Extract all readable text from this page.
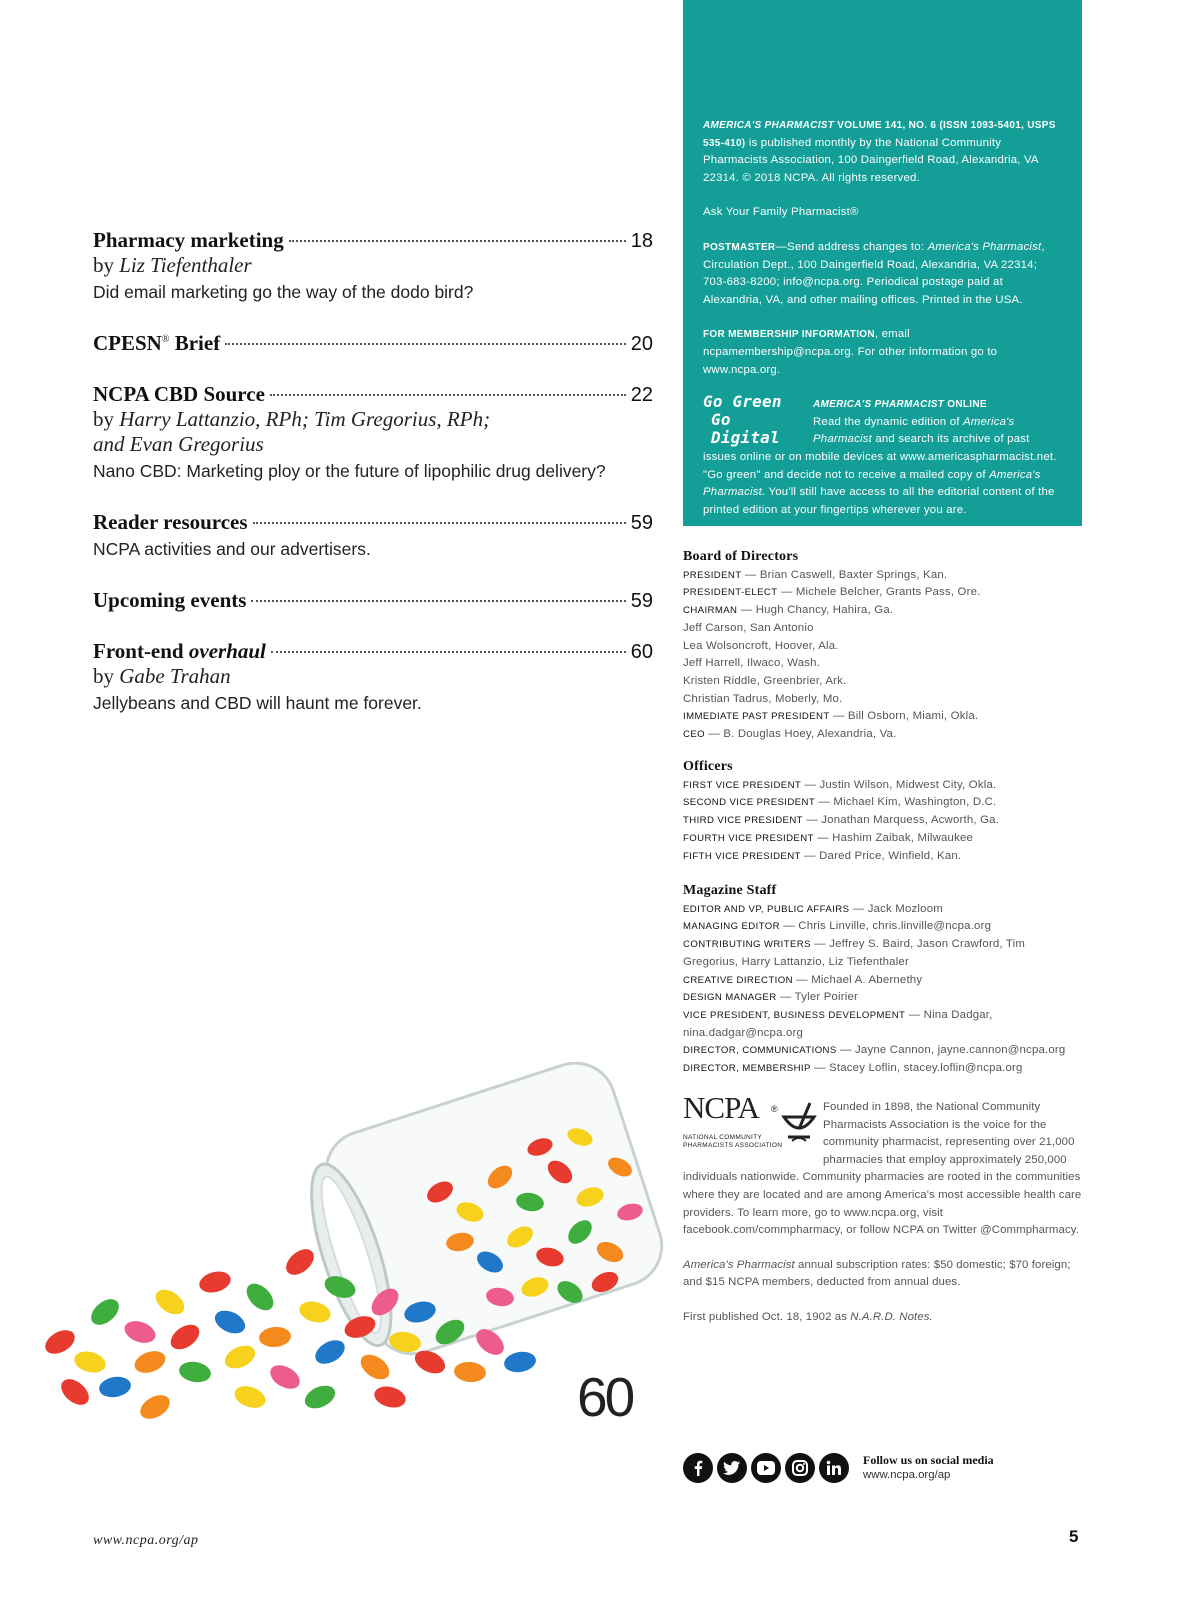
Pharmacy marketing	18
by Liz Tiefenthaler
Did email marketing go the way of the dodo bird?
CPESN® Brief	20
NCPA CBD Source	22
by Harry Lattanzio, RPh; Tim Gregorius, RPh;
and Evan Gregorius
Nano CBD: Marketing ploy or the future of lipophilic drug delivery?
Reader resources	59
NCPA activities and our advertisers.
Upcoming events	59
Front-end overhaul	60
by Gabe Trahan
Jellybeans and CBD will haunt me forever.
60

AMERICA'S PHARMACIST VOLUME 141, NO. 6 (ISSN 1093-5401, USPS 535-410) is published monthly by the National Community Pharmacists Association, 100 Daingerfield Road, Alexandria, VA 22314. © 2018 NCPA. All rights reserved.

Ask Your Family Pharmacist®

POSTMASTER—Send address changes to: America's Pharmacist, Circulation Dept., 100 Daingerfield Road, Alexandria, VA 22314; 703-683-8200; info@ncpa.org. Periodical postage paid at Alexandria, VA, and other mailing offices. Printed in the USA.

FOR MEMBERSHIP INFORMATION, email ncpamembership@ncpa.org. For other information go to www.ncpa.org.

Go Green
Go Digital
AMERICA'S PHARMACIST ONLINE
Read the dynamic edition of America's Pharmacist and search its archive of past issues online or on mobile devices at www.americaspharmacist.net. "Go green" and decide not to receive a mailed copy of America's Pharmacist. You'll still have access to all the editorial content of the printed edition at your fingertips wherever you are.
Board of Directors
PRESIDENT — Brian Caswell, Baxter Springs, Kan.
PRESIDENT-ELECT — Michele Belcher, Grants Pass, Ore.
CHAIRMAN — Hugh Chancy, Hahira, Ga.
Jeff Carson, San Antonio
Lea Wolsoncroft, Hoover, Ala.
Jeff Harrell, Ilwaco, Wash.
Kristen Riddle, Greenbrier, Ark.
Christian Tadrus, Moberly, Mo.
IMMEDIATE PAST PRESIDENT — Bill Osborn, Miami, Okla.
CEO — B. Douglas Hoey, Alexandria, Va.
Officers
FIRST VICE PRESIDENT — Justin Wilson, Midwest City, Okla.
SECOND VICE PRESIDENT — Michael Kim, Washington, D.C.
THIRD VICE PRESIDENT — Jonathan Marquess, Acworth, Ga.
FOURTH VICE PRESIDENT — Hashim Zaibak, Milwaukee
FIFTH VICE PRESIDENT — Dared Price, Winfield, Kan.
Magazine Staff
EDITOR AND VP, PUBLIC AFFAIRS — Jack Mozloom
MANAGING EDITOR — Chris Linville, chris.linville@ncpa.org
CONTRIBUTING WRITERS — Jeffrey S. Baird, Jason Crawford, Tim Gregorius, Harry Lattanzio, Liz Tiefenthaler
CREATIVE DIRECTION — Michael A. Abernethy
DESIGN MANAGER — Tyler Poirier
VICE PRESIDENT, BUSINESS DEVELOPMENT — Nina Dadgar, nina.dadgar@ncpa.org
DIRECTOR, COMMUNICATIONS — Jayne Cannon, jayne.cannon@ncpa.org
DIRECTOR, MEMBERSHIP — Stacey Loflin, stacey.loflin@ncpa.org
NCPA ®
NATIONAL COMMUNITY PHARMACISTS ASSOCIATION

Founded in 1898, the National Community Pharmacists Association is the voice for the community pharmacist, representing over 21,000 pharmacies that employ approximately 250,000 individuals nationwide. Community pharmacies are rooted in the communities where they are located and are among America's most accessible health care providers. To learn more, go to www.ncpa.org, visit facebook.com/commpharmacy, or follow NCPA on Twitter @Commpharmacy.

America's Pharmacist annual subscription rates: $50 domestic; $70 foreign; and $15 NCPA members, deducted from annual dues.

First published Oct. 18, 1902 as N.A.R.D. Notes.

Follow us on social media
www.ncpa.org/ap
www.ncpa.org/ap	5
